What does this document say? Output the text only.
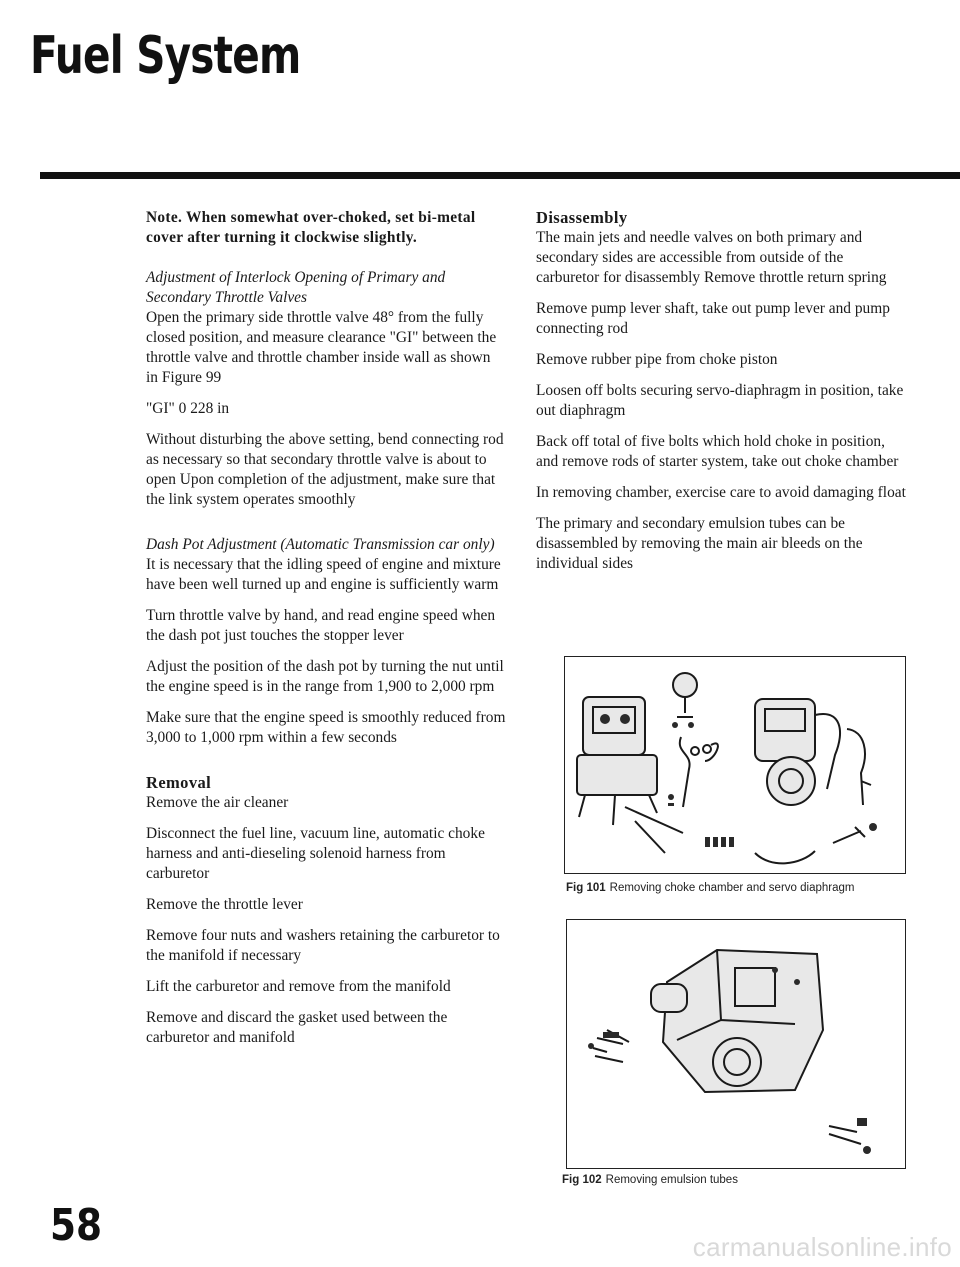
Fuel System

Note. When somewhat over-choked, set bi-metal cover after turning it clockwise slightly.

Adjustment of Interlock Opening of Primary and Secondary Throttle Valves
Open the primary side throttle valve 48° from the fully closed position, and measure clearance "GI" between the throttle valve and throttle chamber inside wall as shown in Figure 99

"GI" 0 228 in

Without disturbing the above setting, bend connecting rod as necessary so that secondary throttle valve is about to open Upon completion of the adjustment, make sure that the link system operates smoothly

Dash Pot Adjustment (Automatic Transmission car only)
It is necessary that the idling speed of engine and mixture have been well turned up and engine is sufficiently warm

Turn throttle valve by hand, and read engine speed when the dash pot just touches the stopper lever

Adjust the position of the dash pot by turning the nut until the engine speed is in the range from 1,900 to 2,000 rpm

Make sure that the engine speed is smoothly reduced from 3,000 to 1,000 rpm within a few seconds

Removal
Remove the air cleaner

Disconnect the fuel line, vacuum line, automatic choke harness and anti-dieseling solenoid harness from carburetor

Remove the throttle lever

Remove four nuts and washers retaining the carburetor to the manifold if necessary

Lift the carburetor and remove from the manifold

Remove and discard the gasket used between the carburetor and manifold

Disassembly
The main jets and needle valves on both primary and secondary sides are accessible from outside of the carburetor for disassembly Remove throttle return spring

Remove pump lever shaft, take out pump lever and pump connecting rod

Remove rubber pipe from choke piston

Loosen off bolts securing servo-diaphragm in position, take out diaphragm

Back off total of five bolts which hold choke in position, and remove rods of starter system, take out choke chamber

In removing chamber, exercise care to avoid damaging float

The primary and secondary emulsion tubes can be disassembled by removing the main air bleeds on the individual sides

Fig 101 Removing choke chamber and servo diaphragm

Fig 102 Removing emulsion tubes

58	carmanualsonline.info
